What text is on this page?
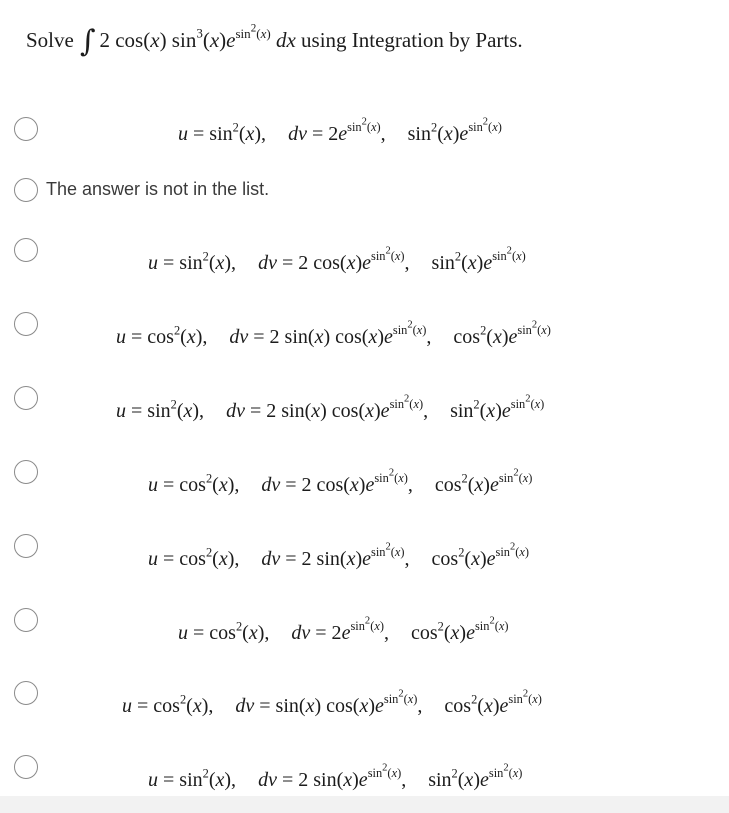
Solve ∫ 2 cos(x) $\sin^3(x)e^{sin^2(x)}$ dx
using Integration by Parts.
$u = \sin^2(x)$, dv = $2e^{sin^2(x)}$, $\sin^2(x)e^{sin^2(x)}$
The answer is not in the list.
$u = \sin^2(x)$, dv = 2 $\cos(x)e^{sin^2(x)}$, $\sin^2(x)e^{sin^2(x)}$
$u = \cos^2(x)$, dv = 2 sin(x) $\cos(x)e^{sin^2(x)}$, $\cos^2(x)e^{sin^2(x)}$
$u = \sin^2(x)$, dv = 2 sin(x) $\cos(x)e^{sin^2(x)}$, $\sin^2(x)e^{sin^2(x)}$
$u = \cos^2(x)$, dv = 2 $\cos(x)e^{sin^2(x)}$, $\cos^2(x)e^{sin^2(x)}$
$u = \cos^2(x)$, dv = 2 $\sin(x)e^{sin^2(x)}$, $\cos^2(x)e^{sin^2(x)}$
$u = \cos^2(x)$, dv = $2e^{sin^2(x)}$, $\cos^2(x)e^{sin^2(x)}$
$u = \cos^2(x)$, dv = sin(x) $\cos(x)e^{sin^2(x)}$, $\cos^2(x)e^{sin^2(x)}$
$u = \sin^2(x)$, dv = 2 $\sin(x)e^{sin^2(x)}$, $\sin^2(x)e^{sin^2(x)}$
